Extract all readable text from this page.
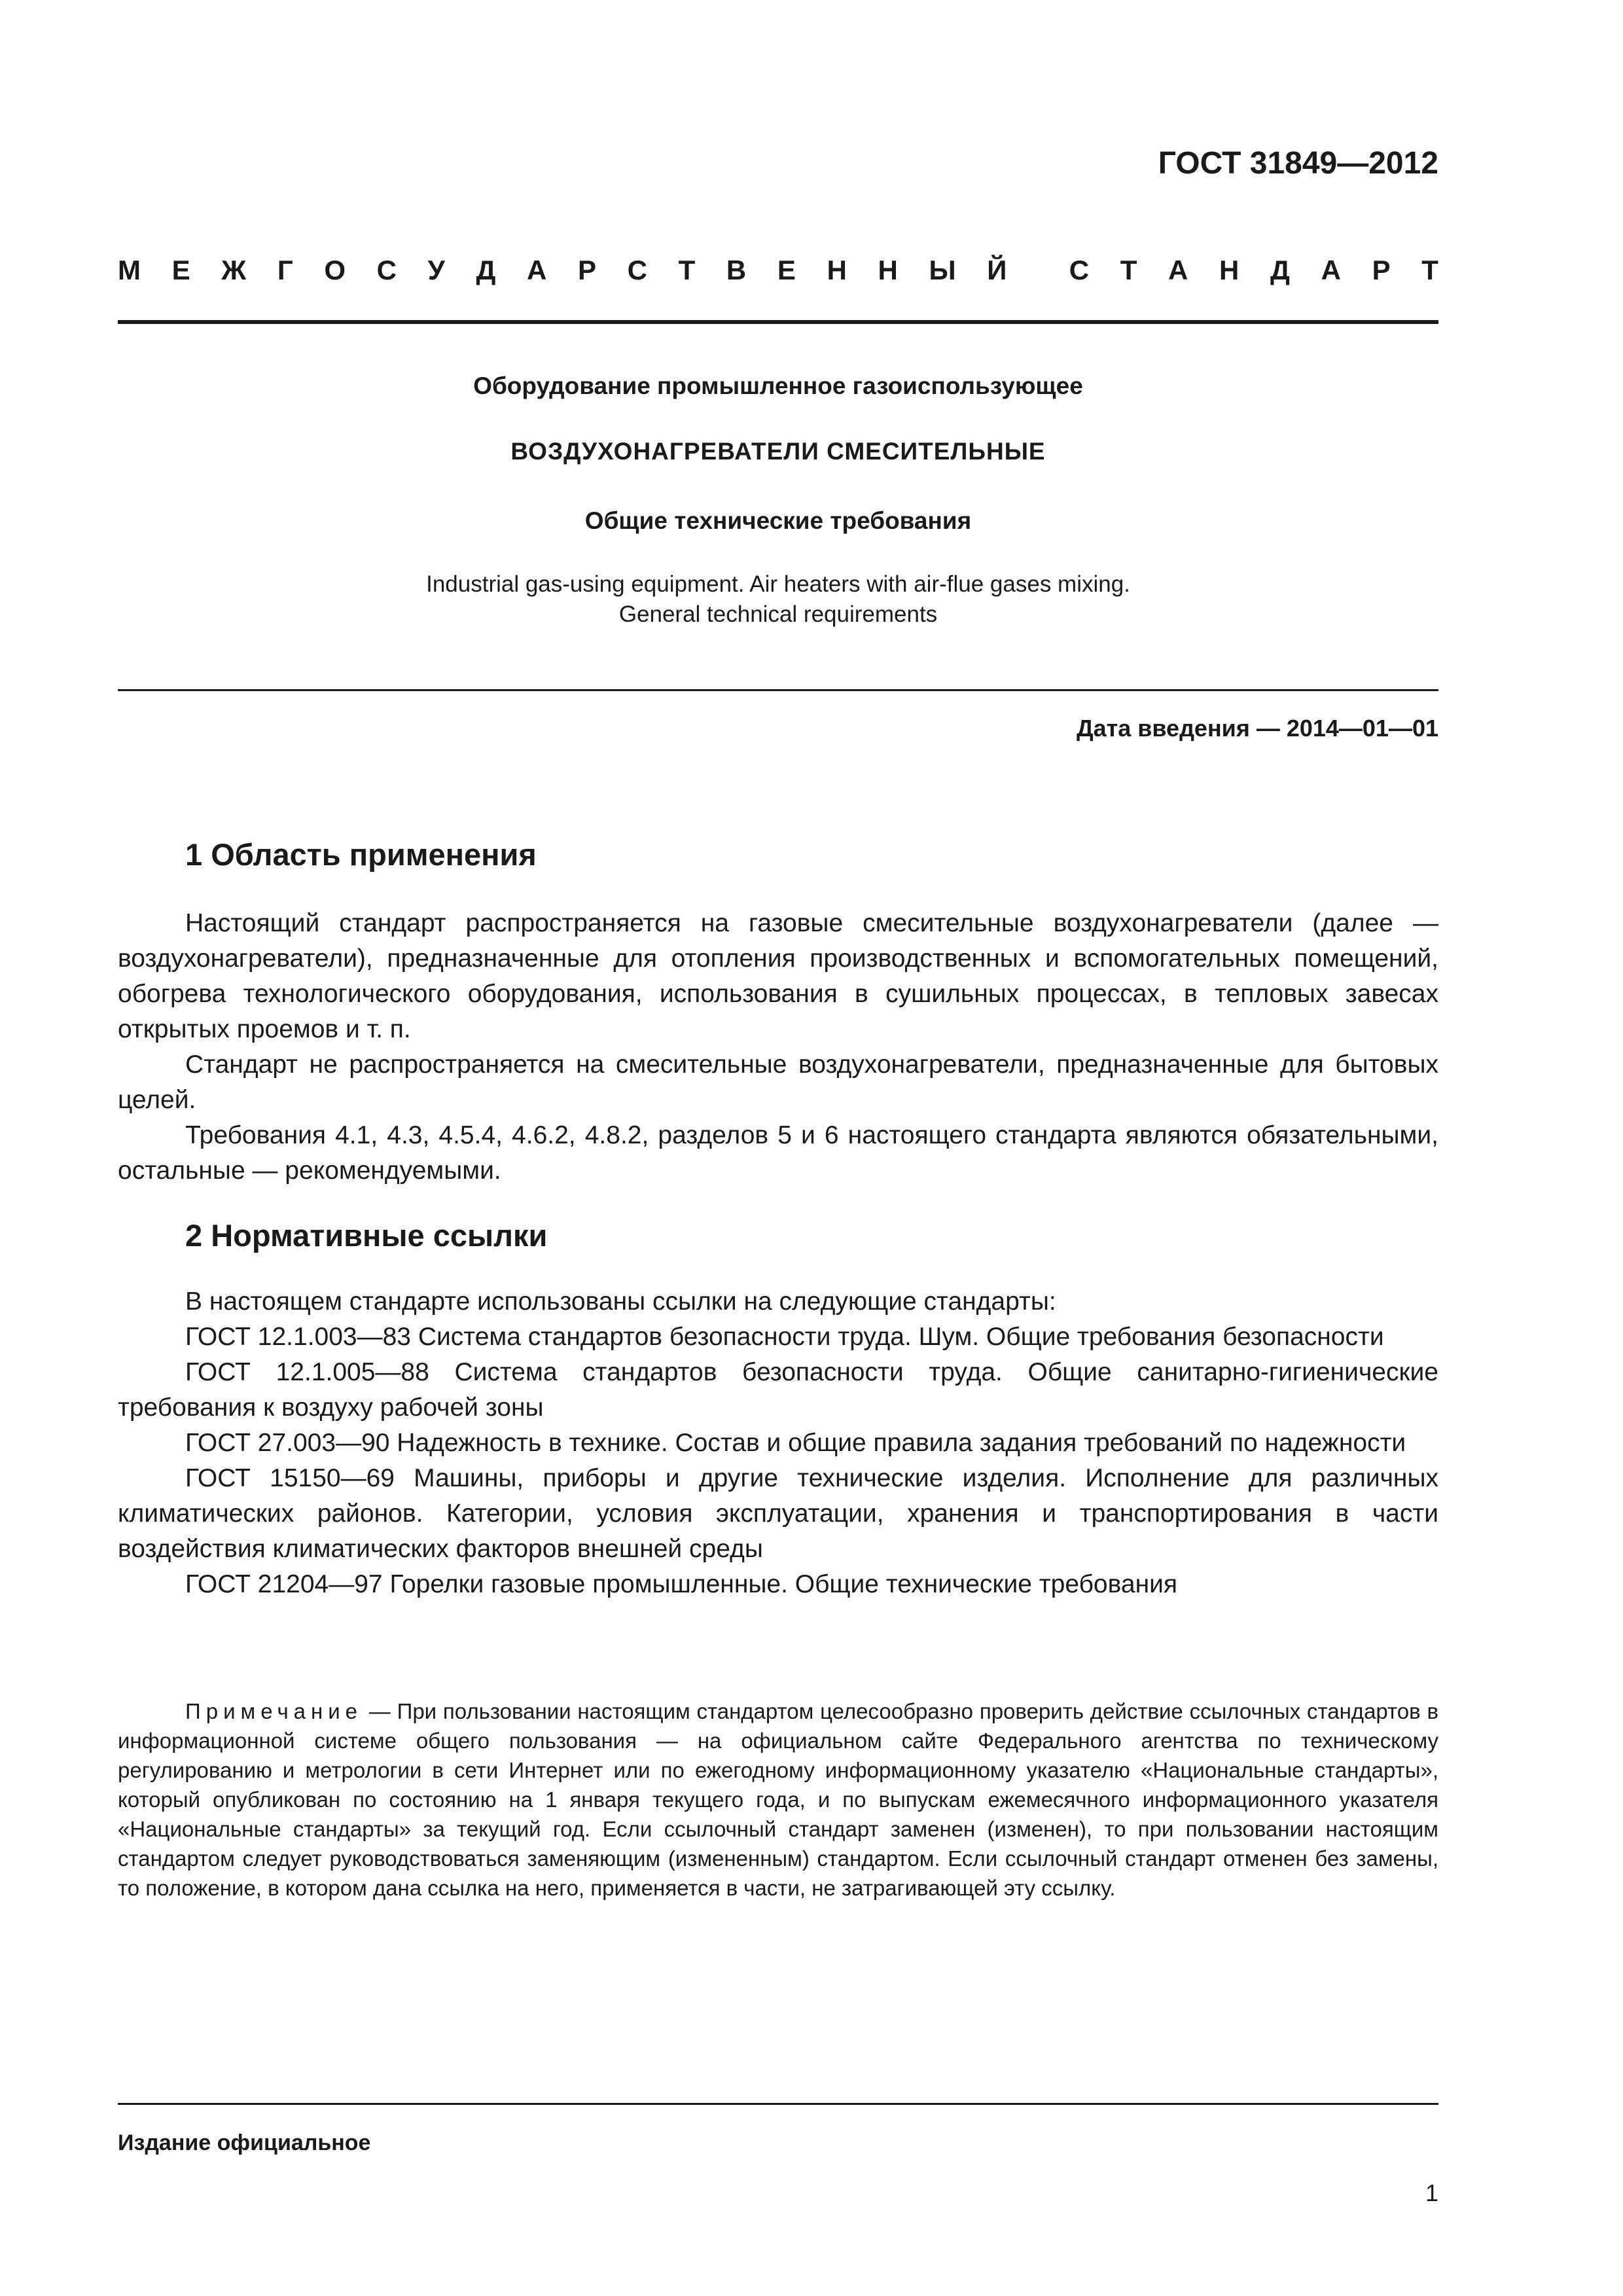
ГОСТ 31849—2012
М Е Ж Г О С У Д А Р С Т В Е Н Н Ы Й С Т А Н Д А Р Т
Оборудование промышленное газоиспользующее
ВОЗДУХОНАГРЕВАТЕЛИ СМЕСИТЕЛЬНЫЕ
Общие технические требования
Industrial gas-using equipment. Air heaters with air-flue gases mixing.
General technical requirements
Дата введения — 2014—01—01
1 Область применения

Настоящий стандарт распространяется на газовые смесительные воздухонагреватели (далее — воздухонагреватели), предназначенные для отопления производственных и вспомогательных помещений, обогрева технологического оборудования, использования в сушильных процессах, в тепловых завесах открытых проемов и т. п.

Стандарт не распространяется на смесительные воздухонагреватели, предназначенные для бытовых целей.

Требования 4.1, 4.3, 4.5.4, 4.6.2, 4.8.2, разделов 5 и 6 настоящего стандарта являются обязательными, остальные — рекомендуемыми.

2 Нормативные ссылки

В настоящем стандарте использованы ссылки на следующие стандарты:

ГОСТ 12.1.003—83 Система стандартов безопасности труда. Шум. Общие требования безопасности

ГОСТ 12.1.005—88 Система стандартов безопасности труда. Общие санитарно-гигиенические требования к воздуху рабочей зоны

ГОСТ 27.003—90 Надежность в технике. Состав и общие правила задания требований по надежности

ГОСТ 15150—69 Машины, приборы и другие технические изделия. Исполнение для различных климатических районов. Категории, условия эксплуатации, хранения и транспортирования в части воздействия климатических факторов внешней среды

ГОСТ 21204—97 Горелки газовые промышленные. Общие технические требования

Примечание — При пользовании настоящим стандартом целесообразно проверить действие ссылочных стандартов в информационной системе общего пользования — на официальном сайте Федерального агентства по техническому регулированию и метрологии в сети Интернет или по ежегодному информационному указателю «Национальные стандарты», который опубликован по состоянию на 1 января текущего года, и по выпускам ежемесячного информационного указателя «Национальные стандарты» за текущий год. Если ссылочный стандарт заменен (изменен), то при пользовании настоящим стандартом следует руководствоваться заменяющим (измененным) стандартом. Если ссылочный стандарт отменен без замены, то положение, в котором дана ссылка на него, применяется в части, не затрагивающей эту ссылку.

Издание официальное
1
